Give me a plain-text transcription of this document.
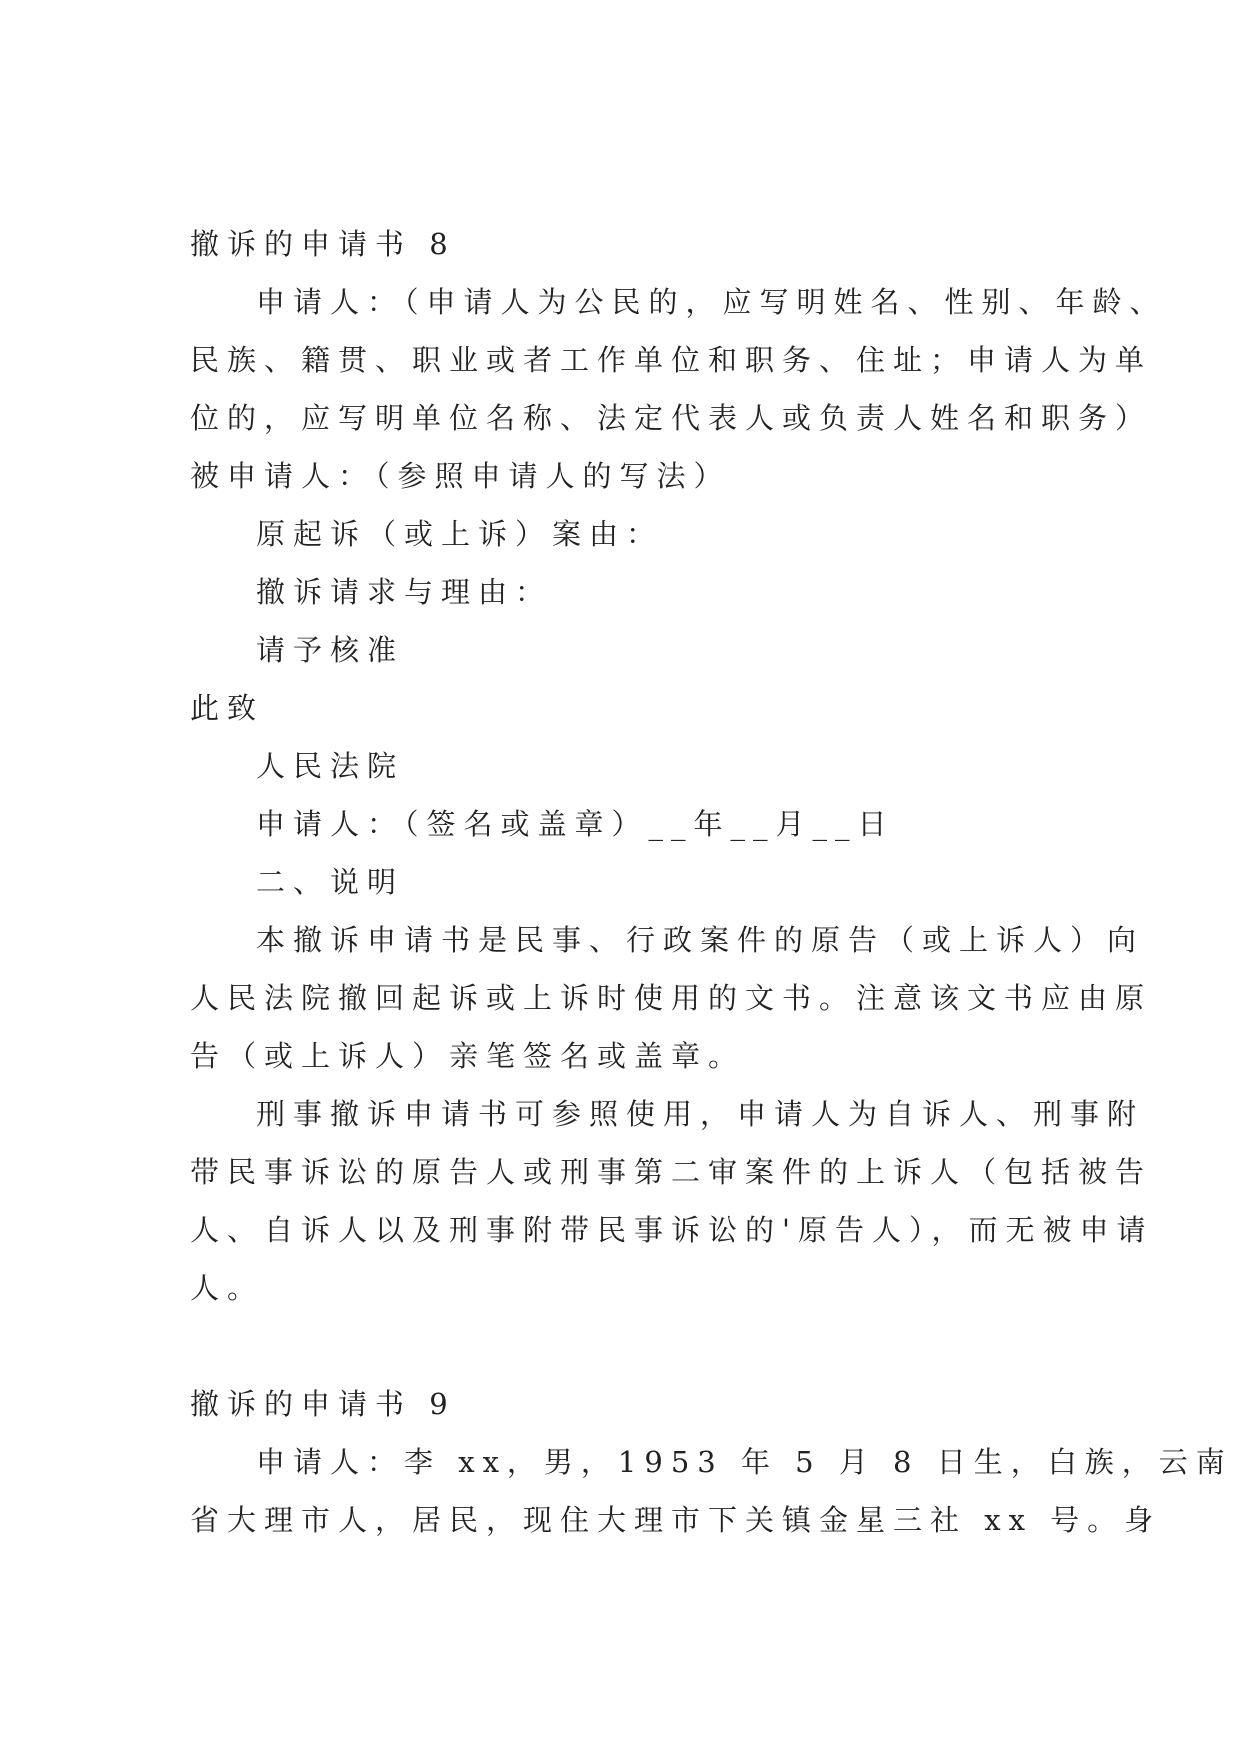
撤诉的申请书 8
申请人：（申请人为公民的，应写明姓名、性别、年龄、
民族、籍贯、职业或者工作单位和职务、住址；申请人为单
位的，应写明单位名称、法定代表人或负责人姓名和职务）
被申请人：（参照申请人的写法）
原起诉（或上诉）案由：
撤诉请求与理由：
请予核准
此致
人民法院
申请人：（签名或盖章）__年__月__日
二、说明
本撤诉申请书是民事、行政案件的原告（或上诉人）向
人民法院撤回起诉或上诉时使用的文书。注意该文书应由原
告（或上诉人）亲笔签名或盖章。
刑事撤诉申请书可参照使用，申请人为自诉人、刑事附
带民事诉讼的原告人或刑事第二审案件的上诉人（包括被告
人、自诉人以及刑事附带民事诉讼的'原告人），而无被申请
人。
撤诉的申请书 9
申请人：李 xx，男，1953 年 5 月 8 日生，白族，云南
省大理市人，居民，现住大理市下关镇金星三社 xx 号。身
